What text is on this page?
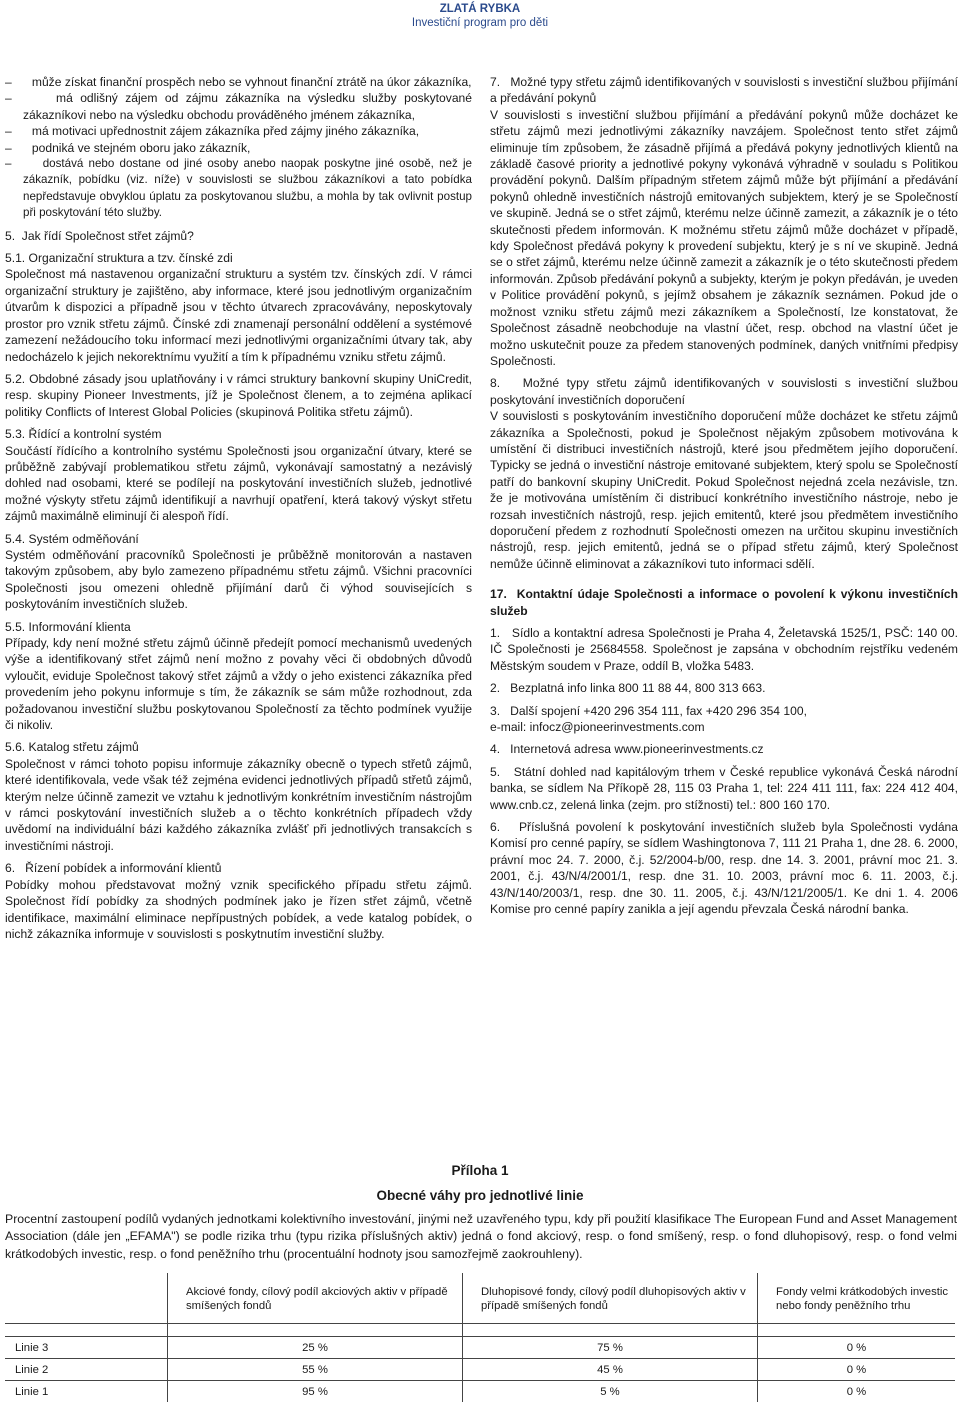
ZLATÁ RYBKA
Investiční program pro děti

–      může získat finanční prospěch nebo se vyhnout finanční ztrátě na úkor zákazníka,

–      má odlišný zájem od zájmu zákazníka na výsledku služby poskytované zákazníkovi nebo na výsledku obchodu prováděného jménem zákazníka,

–      má motivaci upřednostnit zájem zákazníka před zájmy jiného zákazníka,

–      podniká ve stejném oboru jako zákazník,

–      dostává nebo dostane od jiné osoby anebo naopak poskytne jiné osobě, než je zákazník, pobídku (viz. níže) v souvislosti se službou zákazníkovi a tato pobídka nepředstavuje obvyklou úplatu za poskytovanou službu, a mohla by tak ovlivnit postup při poskytování této služby.

5.  Jak řídí Společnost střet zájmů?

5.1. Organizační struktura a tzv. čínské zdi

Společnost má nastavenou organizační strukturu a systém tzv. čínských zdí. V rámci organizační struktury je zajištěno, aby informace, které jsou jednotlivým organizačním útvarům k dispozici a případně jsou v těchto útvarech zpracovávány, neposkytovaly prostor pro vznik střetu zájmů. Čínské zdi znamenají personální oddělení a systémové zamezení nežádoucího toku informací mezi jednotlivými organizačními útvary tak, aby nedocházelo k jejich nekorektnímu využití a tím k případnému vzniku střetu zájmů.

5.2. Obdobné zásady jsou uplatňovány i v rámci struktury bankovní skupiny UniCredit, resp. skupiny Pioneer Investments, jíž je Společnost členem, a to zejména aplikací politiky Conflicts of Interest Global Policies (skupinová Politika střetu zájmů).

5.3. Řídící a kontrolní systém

Součástí řídícího a kontrolního systému Společnosti jsou organizační útvary, které se průběžně zabývají problematikou střetu zájmů, vykonávají samostatný a nezávislý dohled nad osobami, které se podílejí na poskytování investičních služeb, jednotlivé možné výskyty střetu zájmů identifikují a navrhují opatření, která takový výskyt střetu zájmů maximálně eliminují či alespoň řídí.

5.4. Systém odměňování

Systém odměňování pracovníků Společnosti je průběžně monitorován a nastaven takovým způsobem, aby bylo zamezeno případnému střetu zájmů. Všichni pracovníci Společnosti jsou omezeni ohledně přijímání darů či výhod souvisejících s poskytováním investičních služeb.

5.5. Informování klienta

Případy, kdy není možné střetu zájmů účinně předejít pomocí mechanismů uvedených výše a identifikovaný střet zájmů není možno z povahy věci či obdobných důvodů vyloučit, eviduje Společnost takový střet zájmů a vždy o jeho existenci zákazníka před provedením jeho pokynu informuje s tím, že zákazník se sám může rozhodnout, zda požadovanou investiční službu poskytovanou Společností za těchto podmínek využije či nikoliv.

5.6. Katalog střetu zájmů

Společnost v rámci tohoto popisu informuje zákazníky obecně o typech střetů zájmů, které identifikovala, vede však též zejména evidenci jednotlivých případů střetů zájmů, kterým nelze účinně zamezit ve vztahu k jednotlivým konkrétním investičním nástrojům v rámci poskytování investičních služeb a o těchto konkrétních případech vždy uvědomí na individuální bázi každého zákazníka zvlášť při jednotlivých transakcích s investičními nástroji.

6.   Řízení pobídek a informování klientů

Pobídky mohou představovat možný vznik specifického případu střetu zájmů. Společnost řídí pobídky za shodných podmínek jako je řízen střet zájmů, včetně identifikace, maximální eliminace nepřípustných pobídek, a vede katalog pobídek, o nichž zákazníka informuje v souvislosti s poskytnutím investiční služby.

7.   Možné typy střetu zájmů identifikovaných v souvislosti s investiční službou přijímání a předávání pokynů

V souvislosti s investiční službou přijímání a předávání pokynů může docházet ke střetu zájmů mezi jednotlivými zákazníky navzájem. Společnost tento střet zájmů eliminuje tím způsobem, že zásadně přijímá a předává pokyny jednotlivých klientů na základě časové priority a jednotlivé pokyny vykonává výhradně v souladu s Politikou provádění pokynů. Dalším případným střetem zájmů může být přijímání a předávání pokynů ohledně investičních nástrojů emitovaných subjektem, který je se Společností ve skupině. Jedná se o střet zájmů, kterému nelze účinně zamezit, a zákazník je o této skutečnosti předem informován. K možnému střetu zájmů může docházet v případě, kdy Společnost předává pokyny k provedení subjektu, který je s ní ve skupině. Jedná se o střet zájmů, kterému nelze účinně zamezit a zákazník je o této skutečnosti předem informován. Způsob předávání pokynů a subjekty, kterým je pokyn předáván, je uveden v Politice provádění pokynů, s jejímž obsahem je zákazník seznámen. Pokud jde o možnost vzniku střetu zájmů mezi zákazníkem a Společností, lze konstatovat, že Společnost zásadně neobchoduje na vlastní účet, resp. obchod na vlastní účet je možno uskutečnit pouze za předem stanovených podmínek, daných vnitřními předpisy Společnosti.

8.   Možné typy střetu zájmů identifikovaných v souvislosti s investiční službou poskytování investičních doporučení

V souvislosti s poskytováním investičního doporučení může docházet ke střetu zájmů zákazníka a Společnosti, pokud je Společnost nějakým způsobem motivována k umístění či distribuci investičních nástrojů, které jsou předmětem jejího doporučení. Typicky se jedná o investiční nástroje emitované subjektem, který spolu se Společností patří do bankovní skupiny UniCredit. Pokud Společnost nejedná zcela nezávisle, tzn. že je motivována umístěním či distribucí konkrétního investičního nástroje, nebo je rozsah investičních nástrojů, resp. jejich emitentů, které jsou předmětem investičního doporučení předem z rozhodnutí Společnosti omezen na určitou skupinu investičních nástrojů, resp. jejich emitentů, jedná se o případ střetu zájmů, který Společnost nemůže účinně eliminovat a zákazníkovi tuto informaci sdělí.

17.  Kontaktní údaje Společnosti a informace o povolení k výkonu investičních služeb

1.   Sídlo a kontaktní adresa Společnosti je Praha 4, Želetavská 1525/1, PSČ: 140 00. IČ Společnosti je 25684558. Společnost je zapsána v obchodním rejstříku vedeném Městským soudem v Praze, oddíl B, vložka 5483.

2.   Bezplatná info linka 800 11 88 44, 800 313 663.

3.   Další spojení +420 296 354 111, fax +420 296 354 100,

e-mail: infocz@pioneerinvestments.com

4.   Internetová adresa www.pioneerinvestments.cz

5.   Státní dohled nad kapitálovým trhem v České republice vykonává Česká národní banka, se sídlem Na Příkopě 28, 115 03 Praha 1, tel: 224 411 111, fax: 224 412 404, www.cnb.cz, zelená linka (zejm. pro stížnosti) tel.: 800 160 170.

6.   Příslušná povolení k poskytování investičních služeb byla Společnosti vydána Komisí pro cenné papíry, se sídlem Washingtonova 7, 111 21 Praha 1, dne 28. 6. 2000, právní moc 24. 7. 2000, č.j. 52/2004-b/00, resp. dne 14. 3. 2001, právní moc 21. 3. 2001, č.j. 43/N/4/2001/1, resp. dne 31. 10. 2003, právní moc 6. 11. 2003, č.j. 43/N/140/2003/1, resp. dne 30. 11. 2005, č.j. 43/N/121/2005/1. Ke dni 1. 4. 2006 Komise pro cenné papíry zanikla a její agendu převzala Česká národní banka.

Příloha 1
Obecné váhy pro jednotlivé linie
Procentní zastoupení podílů vydaných jednotkami kolektivního investování, jinými než uzavřeného typu, kdy při použití klasifikace The European Fund and Asset Management Association (dále jen „EFAMA") se podle rizika trhu (typu rizika příslušných aktiv) jedná o fond akciový, resp. o fond smíšený, resp. o fond dluhopisový, resp. o fond velmi krátkodobých investic, resp. o fond peněžního trhu (procentuální hodnoty jsou samozřejmě zaokrouhleny).
	Akciové fondy, cílový podíl akciových aktiv v případě smíšených fondů	Dluhopisové fondy, cílový podíl dluhopisových aktiv v případě smíšených fondů	Fondy velmi krátkodobých investic nebo fondy peněžního trhu

Linie 3	25 %	75 %	0 %
Linie 2	55 %	45 %	0 %
Linie 1	95 %	5 %	0 %
